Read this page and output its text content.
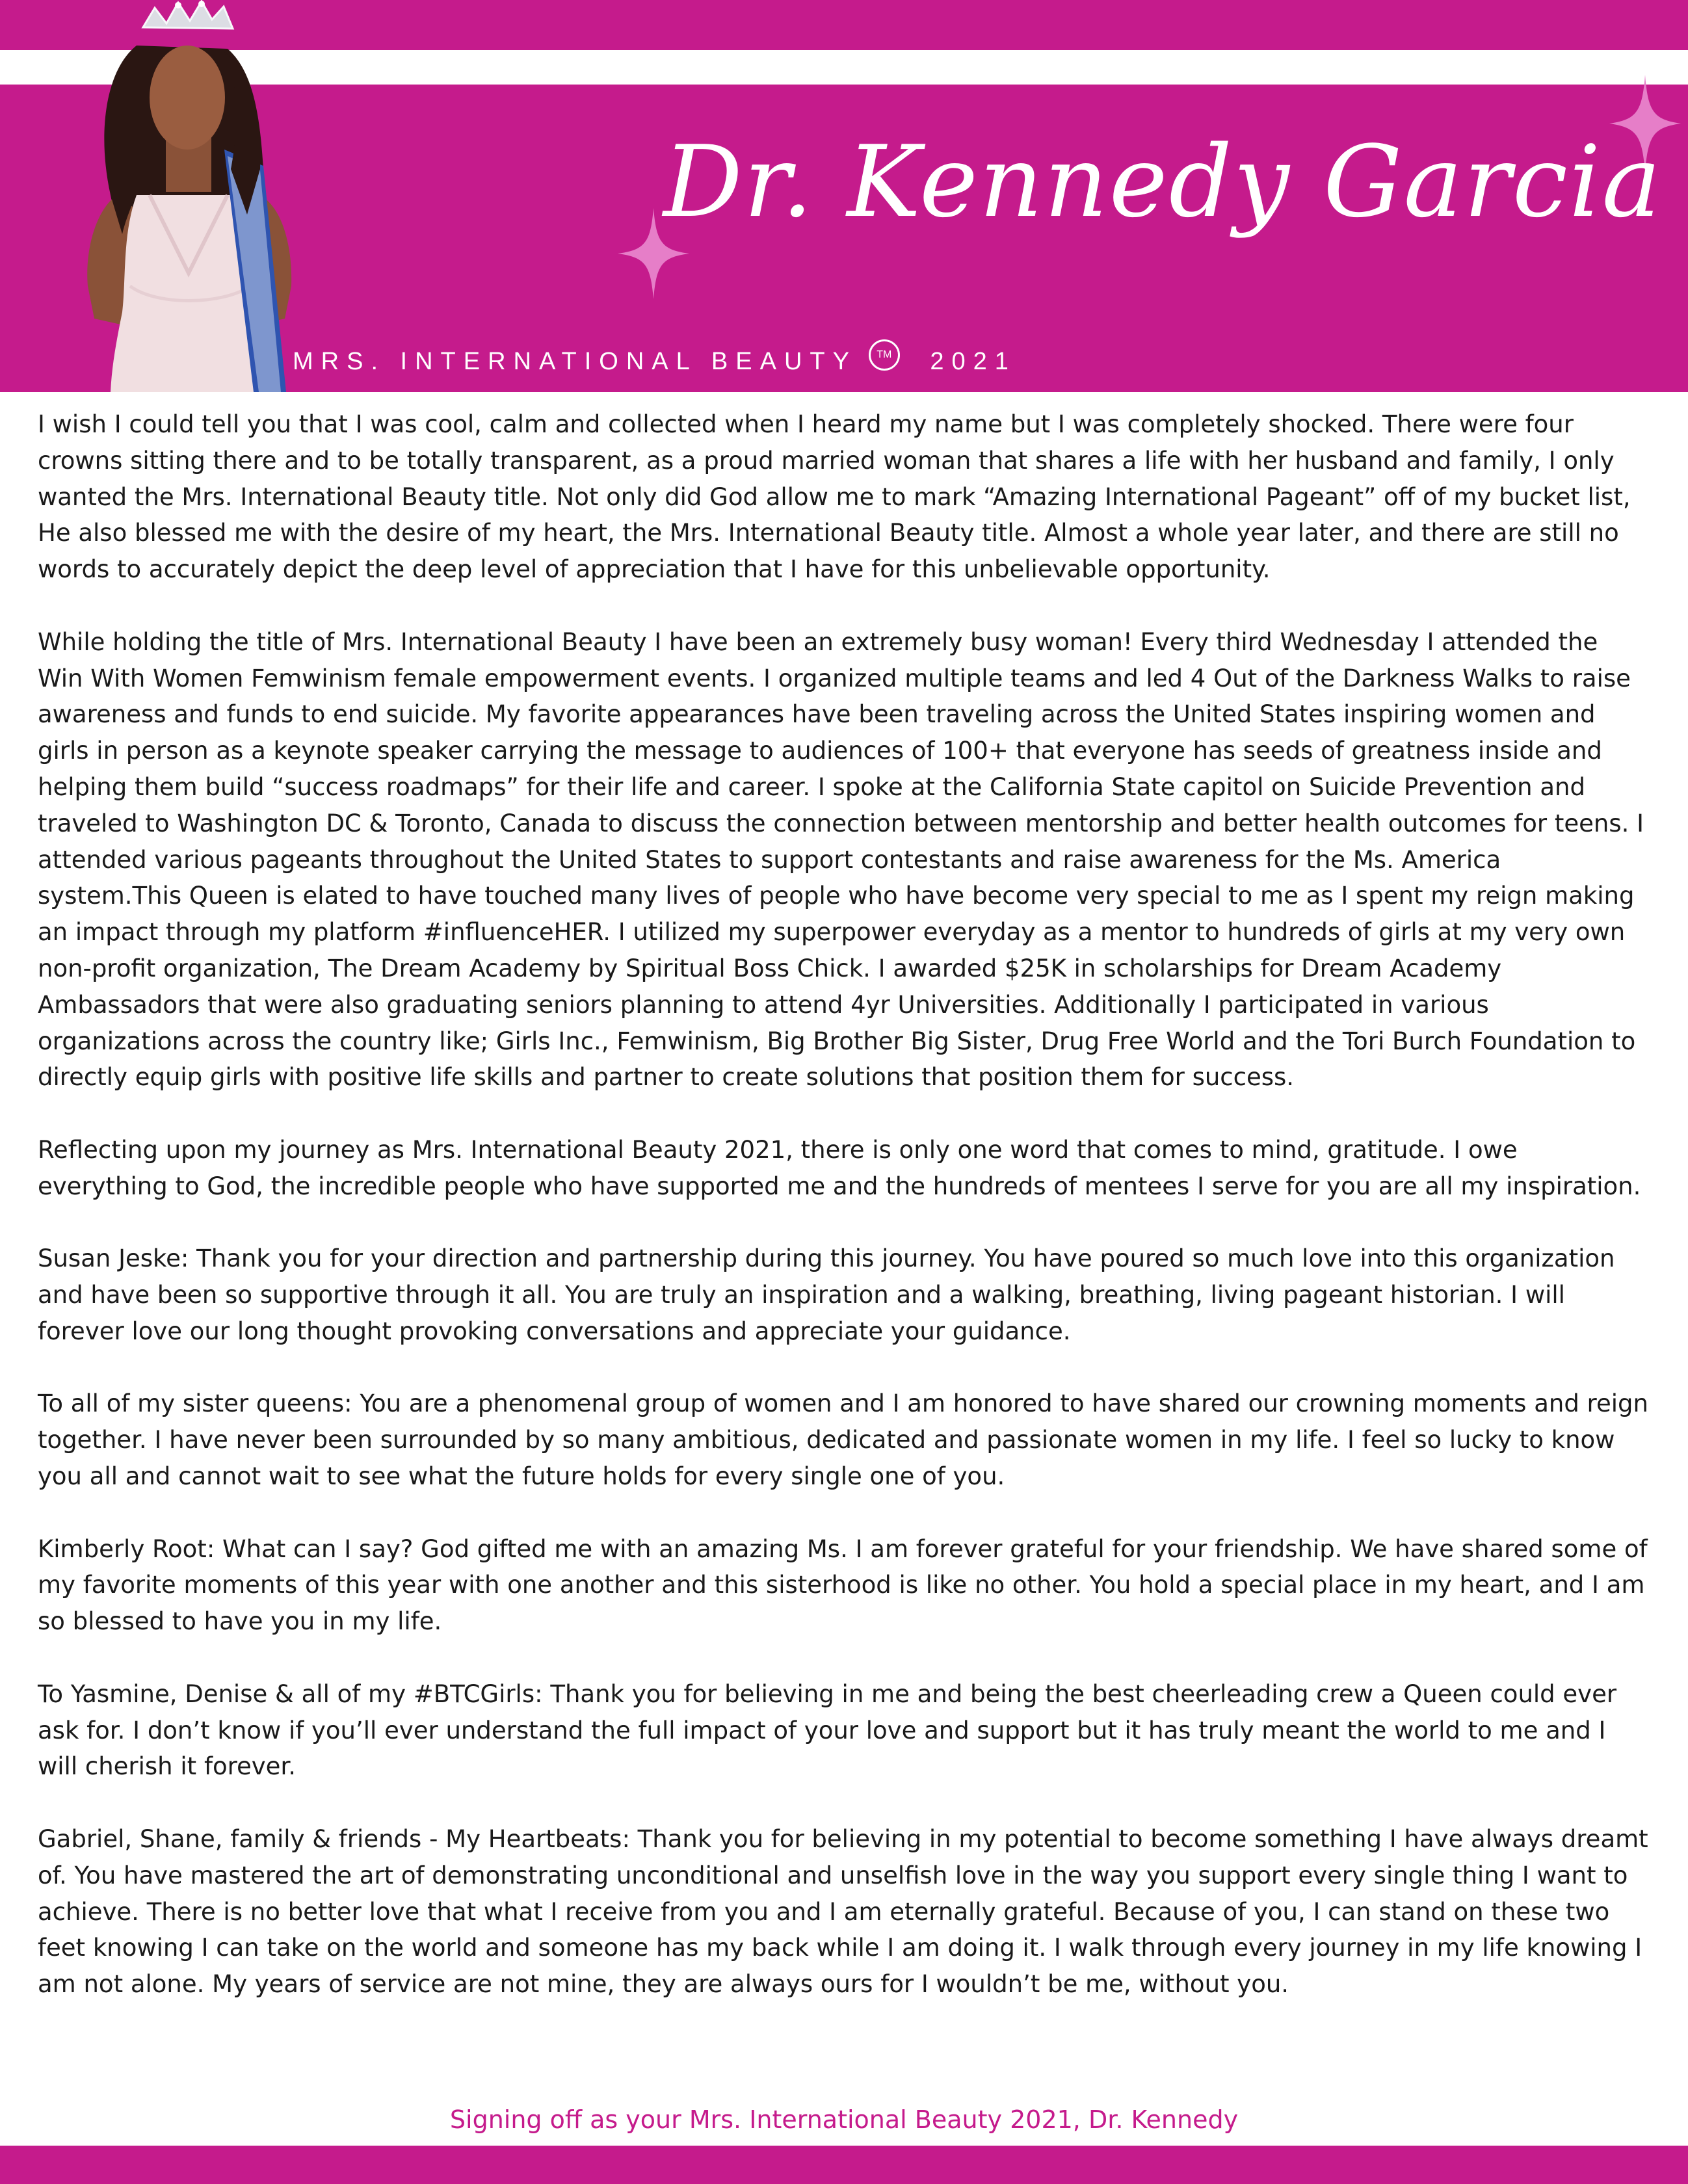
Dr. Kennedy Garcia
MRS. INTERNATIONAL BEAUTY TM 2021

I wish I could tell you that I was cool, calm and collected when I heard my name but I was completely shocked. There were four crowns sitting there and to be totally transparent, as a proud married woman that shares a life with her husband and family, I only wanted the Mrs. International Beauty title. Not only did God allow me to mark “Amazing International Pageant” off of my bucket list, He also blessed me with the desire of my heart, the Mrs. International Beauty title. Almost a whole year later, and there are still no words to accurately depict the deep level of appreciation that I have for this unbelievable opportunity.

While holding the title of Mrs. International Beauty I have been an extremely busy woman! Every third Wednesday I attended the Win With Women Femwinism female empowerment events. I organized multiple teams and led 4 Out of the Darkness Walks to raise awareness and funds to end suicide. My favorite appearances have been traveling across the United States inspiring women and girls in person as a keynote speaker carrying the message to audiences of 100+ that everyone has seeds of greatness inside and helping them build “success roadmaps” for their life and career. I spoke at the California State capitol on Suicide Prevention and traveled to Washington DC & Toronto, Canada to discuss the connection between mentorship and better health outcomes for teens. I attended various pageants throughout the United States to support contestants and raise awareness for the Ms. America system.This Queen is elated to have touched many lives of people who have become very special to me as I spent my reign making an impact through my platform #influenceHER. I utilized my superpower everyday as a mentor to hundreds of girls at my very own non-profit organization, The Dream Academy by Spiritual Boss Chick. I awarded $25K in scholarships for Dream Academy Ambassadors that were also graduating seniors planning to attend 4yr Universities. Additionally I participated in various organizations across the country like; Girls Inc., Femwinism, Big Brother Big Sister, Drug Free World and the Tori Burch Foundation to directly equip girls with positive life skills and partner to create solutions that position them for success.

Reflecting upon my journey as Mrs. International Beauty 2021, there is only one word that comes to mind, gratitude. I owe everything to God, the incredible people who have supported me and the hundreds of mentees I serve for you are all my inspiration.

Susan Jeske: Thank you for your direction and partnership during this journey. You have poured so much love into this organization and have been so supportive through it all. You are truly an inspiration and a walking, breathing, living pageant historian. I will forever love our long thought provoking conversations and appreciate your guidance.

To all of my sister queens: You are a phenomenal group of women and I am honored to have shared our crowning moments and reign together. I have never been surrounded by so many ambitious, dedicated and passionate women in my life. I feel so lucky to know you all and cannot wait to see what the future holds for every single one of you.

Kimberly Root: What can I say? God gifted me with an amazing Ms. I am forever grateful for your friendship. We have shared some of my favorite moments of this year with one another and this sisterhood is like no other. You hold a special place in my heart, and I am so blessed to have you in my life.

To Yasmine, Denise & all of my #BTCGirls: Thank you for believing in me and being the best cheerleading crew a Queen could ever ask for. I don’t know if you’ll ever understand the full impact of your love and support but it has truly meant the world to me and I will cherish it forever.

Gabriel, Shane, family & friends - My Heartbeats: Thank you for believing in my potential to become something I have always dreamt of. You have mastered the art of demonstrating unconditional and unselfish love in the way you support every single thing I want to achieve. There is no better love that what I receive from you and I am eternally grateful. Because of you, I can stand on these two feet knowing I can take on the world and someone has my back while I am doing it. I walk through every journey in my life knowing I am not alone. My years of service are not mine, they are always ours for I wouldn’t be me, without you.

Signing off as your Mrs. International Beauty 2021, Dr. Kennedy
